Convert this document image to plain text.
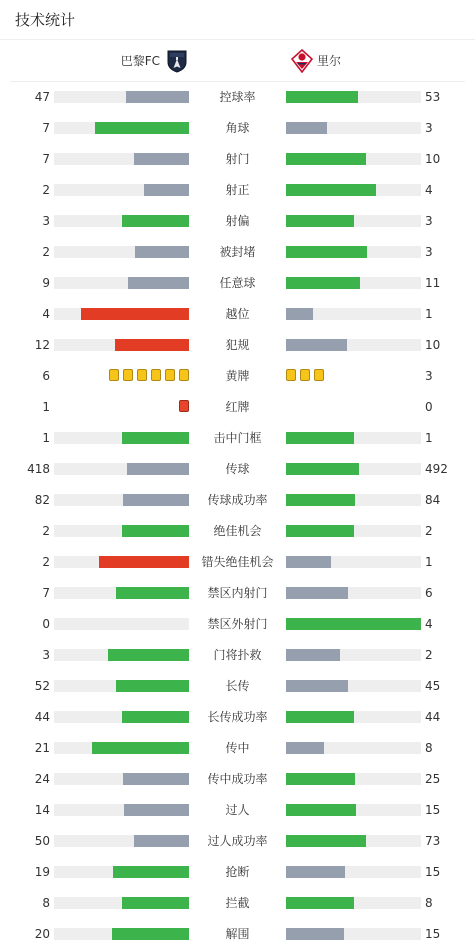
技术统计
巴黎FC	里尔
47	控球率	53
7	角球	3
7	射门	10
2	射正	4
3	射偏	3
2	被封堵	3
9	任意球	11
4	越位	1
12	犯规	10
6	黄牌	3
1	红牌	0
1	击中门框	1
418	传球	492
82	传球成功率	84
2	绝佳机会	2
2	错失绝佳机会	1
7	禁区内射门	6
0	禁区外射门	4
3	门将扑救	2
52	长传	45
44	长传成功率	44
21	传中	8
24	传中成功率	25
14	过人	15
50	过人成功率	73
19	抢断	15
8	拦截	8
20	解围	15
